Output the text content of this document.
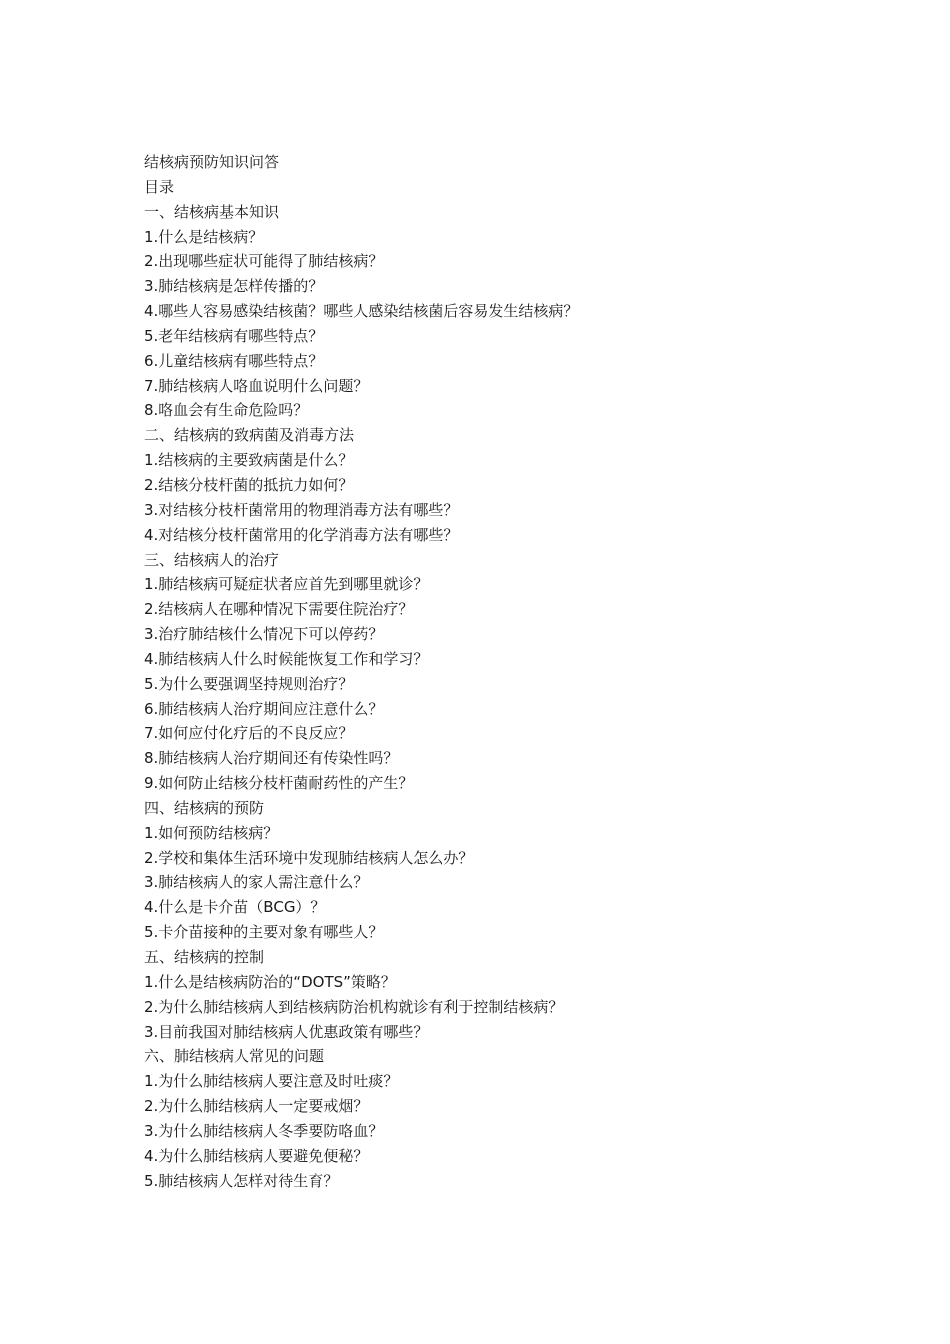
结核病预防知识问答
目录
一、结核病基本知识
1.什么是结核病？
2.出现哪些症状可能得了肺结核病？
3.肺结核病是怎样传播的？
4.哪些人容易感染结核菌？哪些人感染结核菌后容易发生结核病？
5.老年结核病有哪些特点？
6.儿童结核病有哪些特点？
7.肺结核病人咯血说明什么问题？
8.咯血会有生命危险吗？
二、结核病的致病菌及消毒方法
1.结核病的主要致病菌是什么？
2.结核分枝杆菌的抵抗力如何？
3.对结核分枝杆菌常用的物理消毒方法有哪些？
4.对结核分枝杆菌常用的化学消毒方法有哪些？
三、结核病人的治疗
1.肺结核病可疑症状者应首先到哪里就诊？
2.结核病人在哪种情况下需要住院治疗？
3.治疗肺结核什么情况下可以停药？
4.肺结核病人什么时候能恢复工作和学习？
5.为什么要强调坚持规则治疗？
6.肺结核病人治疗期间应注意什么？
7.如何应付化疗后的不良反应？
8.肺结核病人治疗期间还有传染性吗？
9.如何防止结核分枝杆菌耐药性的产生？
四、结核病的预防
1.如何预防结核病？
2.学校和集体生活环境中发现肺结核病人怎么办？
3.肺结核病人的家人需注意什么？
4.什么是卡介苗（BCG）？
5.卡介苗接种的主要对象有哪些人？
五、结核病的控制
1.什么是结核病防治的“DOTS”策略？
2.为什么肺结核病人到结核病防治机构就诊有利于控制结核病？
3.目前我国对肺结核病人优惠政策有哪些？
六、肺结核病人常见的问题
1.为什么肺结核病人要注意及时吐痰？
2.为什么肺结核病人一定要戒烟？
3.为什么肺结核病人冬季要防咯血？
4.为什么肺结核病人要避免便秘？
5.肺结核病人怎样对待生育？
